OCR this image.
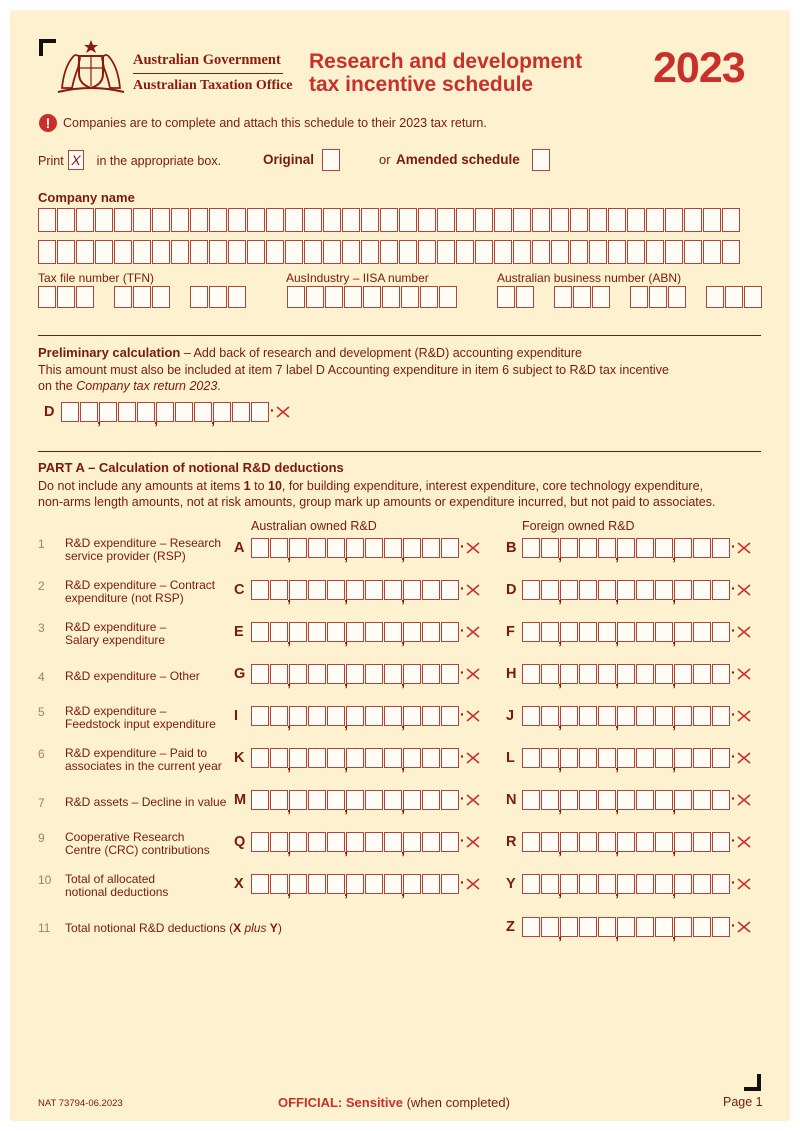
Australian Government
Australian Taxation Office
Research and development
tax incentive schedule	2023
!	Companies are to complete and attach this schedule to their 2023 tax return.
Print	in the appropriate box.
X	Original	or Amended schedule
Company name
Tax file number (TFN)	AusIndustry – IISA number	Australian business number (ABN)
Preliminary calculation – Add back of research and development (R&D) accounting expenditure
This amount must also be included at item 7 label D Accounting expenditure in item 6 subject to R&D tax incentive
on the Company tax return 2023.
D
,
,
,
·
PART A – Calculation of notional R&D deductions
Do not include any amounts at items 1 to 10, for building expenditure, interest expenditure, core technology expenditure,
non-arms length amounts, not at risk amounts, group mark up amounts or expenditure incurred, but not paid to associates.
Australian owned R&D	Foreign owned R&D
1 R&D expenditure – Research
service provider (RSP)	A , , , ·	B
,
,
,
·
2 R&D expenditure – Contract
expenditure (not RSP)	C , , , ·	D
,
,
,
·
3 R&D expenditure –
Salary expenditure	E , , , ·	F
,
,
,
·
4 R&D expenditure – Other	G , , , ·	H
,
,
,
·
5 R&D expenditure –
Feedstock input expenditure	I , , , ·	J
,
,
,
·
6 R&D expenditure – Paid to
associates in the current year K , , , ·	L
,
,
,
·
7 R&D assets – Decline in value M , , , ·	N
,
,
,
·
9 Cooperative Research
Centre (CRC) contributions	Q , , , ·	R
,
,
,
·
10 Total of allocated
notional deductions	X , , , ·	Y
,
,
,
·
11 Total notional R&D deductions (X plus Y)	Z
,
,
,
·
NAT 73794-06.2023	OFFICIAL: Sensitive (when completed)	Page 1
